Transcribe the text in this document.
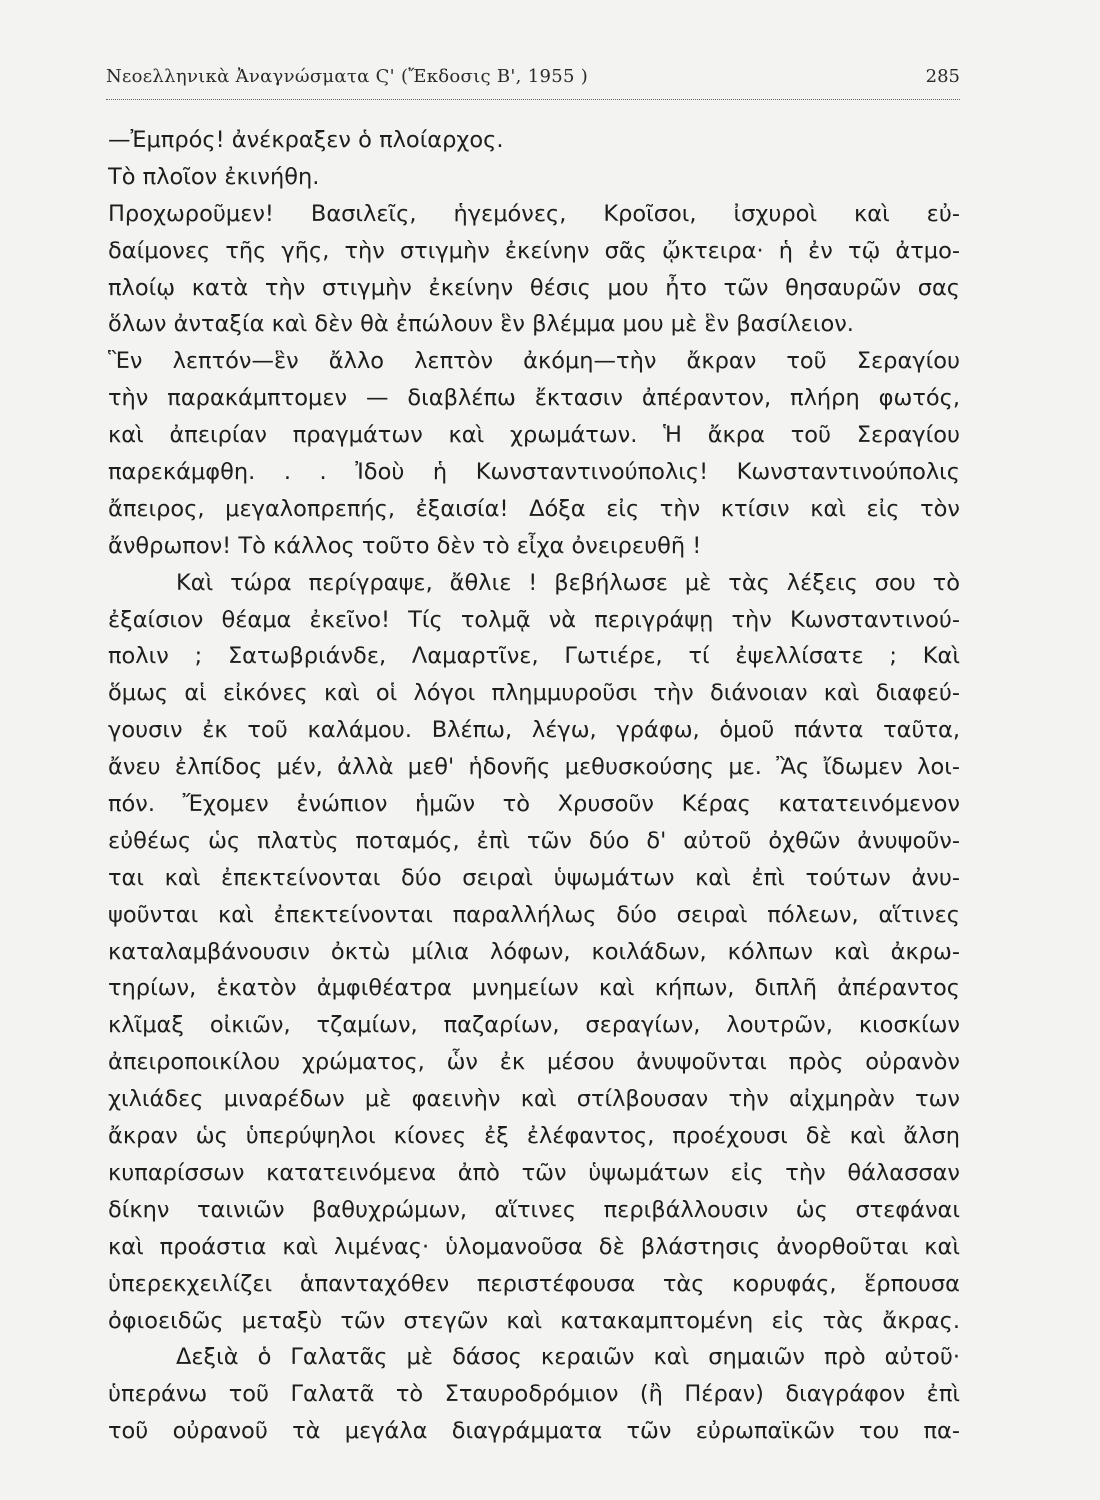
Νεοελληνικὰ Ἀναγνώσματα Ϛ' (Ἔκδοσις Β', 1955 )	285
—Ἐμπρός! ἀνέκραξεν ὁ πλοίαρχος.
Τὸ πλοῖον ἐκινήθη.
Προχωροῦμεν! Βασιλεῖς, ἡγεμόνες, Κροῖσοι, ἰσχυροὶ καὶ εὐ-
δαίμονες τῆς γῆς, τὴν στιγμὴν ἐκείνην σᾶς ᾤκτειρα· ἡ ἐν τῷ ἀτμο-
πλοίῳ κατὰ τὴν στιγμὴν ἐκείνην θέσις μου ἦτο τῶν θησαυρῶν σας
ὅλων ἀνταξία καὶ δὲν θὰ ἐπώλουν ἓν βλέμμα μου μὲ ἓν βασίλειον.
Ἓν λεπτόν—ἓν ἄλλο λεπτὸν ἀκόμη—τὴν ἄκραν τοῦ Σεραγίου
τὴν παρακάμπτομεν — διαβλέπω ἔκτασιν ἀπέραντον, πλήρη φωτός,
καὶ ἀπειρίαν πραγμάτων καὶ χρωμάτων. Ἡ ἄκρα τοῦ Σεραγίου
παρεκάμφθη. . . Ἰδοὺ ἡ Κωνσταντινούπολις! Κωνσταντινούπολις
ἄπειρος, μεγαλοπρεπής, ἐξαισία! Δόξα εἰς τὴν κτίσιν καὶ εἰς τὸν
ἄνθρωπον! Τὸ κάλλος τοῦτο δὲν τὸ εἶχα ὀνειρευθῆ !
Καὶ τώρα περίγραψε, ἄθλιε ! βεβήλωσε μὲ τὰς λέξεις σου τὸ
ἐξαίσιον θέαμα ἐκεῖνο! Τίς τολμᾷ νὰ περιγράψῃ τὴν Κωνσταντινού-
πολιν ; Σατωβριάνδε, Λαμαρτῖνε, Γωτιέρε, τί ἐψελλίσατε ; Καὶ
ὅμως αἱ εἰκόνες καὶ οἱ λόγοι πλημμυροῦσι τὴν διάνοιαν καὶ διαφεύ-
γουσιν ἐκ τοῦ καλάμου. Βλέπω, λέγω, γράφω, ὁμοῦ πάντα ταῦτα,
ἄνευ ἐλπίδος μέν, ἀλλὰ μεθ' ἡδονῆς μεθυσκούσης με. Ἂς ἴδωμεν λοι-
πόν. Ἔχομεν ἐνώπιον ἡμῶν τὸ Χρυσοῦν Κέρας κατατεινόμενον
εὐθέως ὡς πλατὺς ποταμός, ἐπὶ τῶν δύο δ' αὐτοῦ ὀχθῶν ἀνυψοῦν-
ται καὶ ἐπεκτείνονται δύο σειραὶ ὑψωμάτων καὶ ἐπὶ τούτων ἀνυ-
ψοῦνται καὶ ἐπεκτείνονται παραλλήλως δύο σειραὶ πόλεων, αἵτινες
καταλαμβάνουσιν ὀκτὼ μίλια λόφων, κοιλάδων, κόλπων καὶ ἀκρω-
τηρίων, ἑκατὸν ἀμφιθέατρα μνημείων καὶ κήπων, διπλῆ ἀπέραντος
κλῖμαξ οἰκιῶν, τζαμίων, παζαρίων, σεραγίων, λουτρῶν, κιοσκίων
ἀπειροποικίλου χρώματος, ὧν ἐκ μέσου ἀνυψοῦνται πρὸς οὐρανὸν
χιλιάδες μιναρέδων μὲ φαεινὴν καὶ στίλβουσαν τὴν αἰχμηρὰν των
ἄκραν ὡς ὑπερύψηλοι κίονες ἐξ ἐλέφαντος, προέχουσι δὲ καὶ ἄλση
κυπαρίσσων κατατεινόμενα ἀπὸ τῶν ὑψωμάτων εἰς τὴν θάλασσαν
δίκην ταινιῶν βαθυχρώμων, αἵτινες περιβάλλουσιν ὡς στεφάναι
καὶ προάστια καὶ λιμένας· ὑλομανοῦσα δὲ βλάστησις ἀνορθοῦται καὶ
ὑπερεκχειλίζει ἁπανταχόθεν περιστέφουσα τὰς κορυφάς, ἕρπουσα
ὀφιοειδῶς μεταξὺ τῶν στεγῶν καὶ κατακαμπτομένη εἰς τὰς ἄκρας.
Δεξιὰ ὁ Γαλατᾶς μὲ δάσος κεραιῶν καὶ σημαιῶν πρὸ αὐτοῦ·
ὑπεράνω τοῦ Γαλατᾶ τὸ Σταυροδρόμιον (ἢ Πέραν) διαγράφον ἐπὶ
τοῦ οὐρανοῦ τὰ μεγάλα διαγράμματα τῶν εὐρωπαϊκῶν του πα-
